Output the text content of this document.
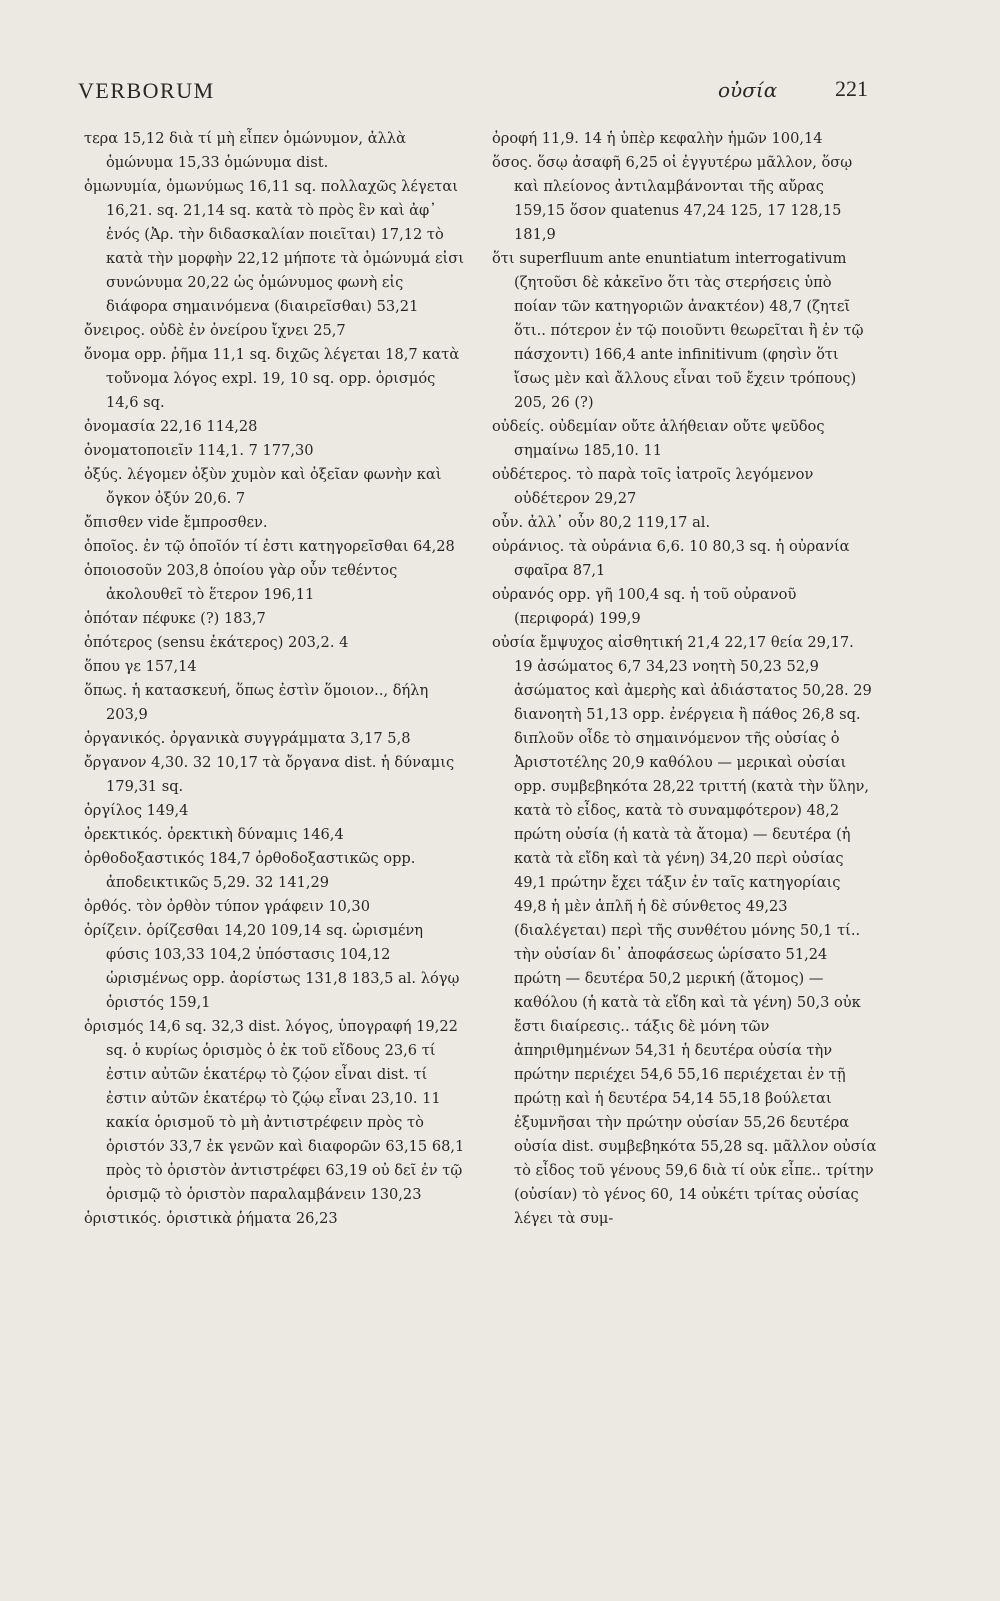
VERBORUM	οὐσία	221

τερα 15,12 διὰ τί μὴ εἶπεν ὁμώνυμον, ἀλλὰ ὁμώνυμα 15,33 ὁμώνυμα dist.

ὁμωνυμία, ὁμωνύμως 16,11 sq. πολλαχῶς λέγεται 16,21. sq. 21,14 sq. κατὰ τὸ πρὸς ἓν καὶ ἀφ᾿ ἑνός (Ἀρ. τὴν διδασκαλίαν ποιεῖται) 17,12 τὸ κατὰ τὴν μορφὴν 22,12 μήποτε τὰ ὁμώνυμά εἰσι συνώνυμα 20,22 ὡς ὁμώνυμος φωνὴ εἰς διάφορα σημαινόμενα (διαιρεῖσθαι) 53,21

ὄνειρος. οὐδὲ ἐν ὀνείρου ἴχνει 25,7

ὄνομα opp. ῥῆμα 11,1 sq. διχῶς λέγεται 18,7 κατὰ τοὔνομα λόγος expl. 19, 10 sq. opp. ὁρισμός 14,6 sq.

ὀνομασία 22,16 114,28

ὀνοματοποιεῖν 114,1. 7 177,30

ὀξύς. λέγομεν ὀξὺν χυμὸν καὶ ὀξεῖαν φωνὴν καὶ ὄγκον ὀξύν 20,6. 7

ὄπισθεν vide ἔμπροσθεν.

ὁποῖος. ἐν τῷ ὁποῖόν τί ἐστι κατηγορεῖσθαι 64,28

ὁποιοσοῦν 203,8 ὁποίου γὰρ οὖν τεθέντος ἀκολουθεῖ τὸ ἕτερον 196,11

ὁπόταν πέφυκε (?) 183,7

ὁπότερος (sensu ἑκάτερος) 203,2. 4

ὅπου γε 157,14

ὅπως. ἡ κατασκευή, ὅπως ἐστὶν ὅμοιον.., δήλη 203,9

ὀργανικός. ὀργανικὰ συγγράμματα 3,17 5,8

ὄργανον 4,30. 32 10,17 τὰ ὄργανα dist. ἡ δύναμις 179,31 sq.

ὀργίλος 149,4

ὀρεκτικός. ὀρεκτικὴ δύναμις 146,4

ὀρθοδοξαστικός 184,7 ὀρθοδοξαστικῶς opp. ἀποδεικτικῶς 5,29. 32 141,29

ὀρθός. τὸν ὀρθὸν τύπον γράφειν 10,30

ὁρίζειν. ὁρίζεσθαι 14,20 109,14 sq. ὡρισμένη φύσις 103,33 104,2 ὑπόστασις 104,12 ὡρισμένως opp. ἀορίστως 131,8 183,5 al. λόγῳ ὁριστός 159,1

ὁρισμός 14,6 sq. 32,3 dist. λόγος, ὑπογραφή 19,22 sq. ὁ κυρίως ὁρισμὸς ὁ ἐκ τοῦ εἴδους 23,6 τί ἐστιν αὐτῶν ἑκατέρῳ τὸ ζῴον εἶναι dist. τί ἐστιν αὐτῶν ἑκατέρῳ τὸ ζῴῳ εἶναι 23,10. 11 κακία ὁρισμοῦ τὸ μὴ ἀντιστρέφειν πρὸς τὸ ὁριστόν 33,7 ἐκ γενῶν καὶ διαφορῶν 63,15 68,1 πρὸς τὸ ὁριστὸν ἀντιστρέφει 63,19 οὐ δεῖ ἐν τῷ ὁρισμῷ τὸ ὁριστὸν παραλαμβάνειν 130,23

ὁριστικός. ὁριστικὰ ῥήματα 26,23

ὀροφή 11,9. 14 ἡ ὑπὲρ κεφαλὴν ἡμῶν 100,14

ὅσος. ὅσῳ ἀσαφῆ 6,25 οἱ ἐγγυτέρω μᾶλλον, ὅσῳ καὶ πλείονος ἀντιλαμβάνονται τῆς αὔρας 159,15 ὅσον quatenus 47,24 125, 17 128,15 181,9

ὅτι superfluum ante enuntiatum interrogativum (ζητοῦσι δὲ κἀκεῖνο ὅτι τὰς στερήσεις ὑπὸ ποίαν τῶν κατηγοριῶν ἀνακτέον) 48,7 (ζητεῖ ὅτι.. πότερον ἐν τῷ ποιοῦντι θεωρεῖται ἢ ἐν τῷ πάσχοντι) 166,4 ante infinitivum (φησὶν ὅτι ἴσως μὲν καὶ ἄλλους εἶναι τοῦ ἔχειν τρόπους) 205, 26 (?)

οὐδείς. οὐδεμίαν οὔτε ἀλήθειαν οὔτε ψεῦδος σημαίνω 185,10. 11

οὐδέτερος. τὸ παρὰ τοῖς ἰατροῖς λεγόμενον οὐδέτερον 29,27

οὖν. ἀλλ᾿ οὖν 80,2 119,17 al.

οὐράνιος. τὰ οὐράνια 6,6. 10 80,3 sq. ἡ οὐρανία σφαῖρα 87,1

οὐρανός opp. γῆ 100,4 sq. ἡ τοῦ οὐρανοῦ (περιφορά) 199,9

οὐσία ἔμψυχος αἰσθητική 21,4 22,17 θεία 29,17. 19 ἀσώματος 6,7 34,23 νοητὴ 50,23 52,9 ἀσώματος καὶ ἀμερὴς καὶ ἀδιάστατος 50,28. 29 διανοητὴ 51,13 opp. ἐνέργεια ἢ πάθος 26,8 sq. διπλοῦν οἶδε τὸ σημαινόμενον τῆς οὐσίας ὁ Ἀριστοτέλης 20,9 καθόλου — μερικαὶ οὐσίαι opp. συμβεβηκότα 28,22 τριττή (κατὰ τὴν ὕλην, κατὰ τὸ εἶδος, κατὰ τὸ συναμφότερον) 48,2 πρώτη οὐσία (ἡ κατὰ τὰ ἄτομα) — δευτέρα (ἡ κατὰ τὰ εἴδη καὶ τὰ γένη) 34,20 περὶ οὐσίας 49,1 πρώτην ἔχει τάξιν ἐν ταῖς κατηγορίαις 49,8 ἡ μὲν ἁπλῆ ἡ δὲ σύνθετος 49,23 (διαλέγεται) περὶ τῆς συνθέτου μόνης 50,1 τί.. τὴν οὐσίαν δι᾿ ἀποφάσεως ὡρίσατο 51,24 πρώτη — δευτέρα 50,2 μερική (ἄτομος) — καθόλου (ἡ κατὰ τὰ εἴδη καὶ τὰ γένη) 50,3 οὐκ ἔστι διαίρεσις.. τάξις δὲ μόνη τῶν ἀπηριθμημένων 54,31 ἡ δευτέρα οὐσία τὴν πρώτην περιέχει 54,6 55,16 περιέχεται ἐν τῇ πρώτῃ καὶ ἡ δευτέρα 54,14 55,18 βούλεται ἐξυμνῆσαι τὴν πρώτην οὐσίαν 55,26 δευτέρα οὐσία dist. συμβεβηκότα 55,28 sq. μᾶλλον οὐσία τὸ εἶδος τοῦ γένους 59,6 διὰ τί οὐκ εἶπε.. τρίτην (οὐσίαν) τὸ γένος 60, 14 οὐκέτι τρίτας οὐσίας λέγει τὰ συμ-
